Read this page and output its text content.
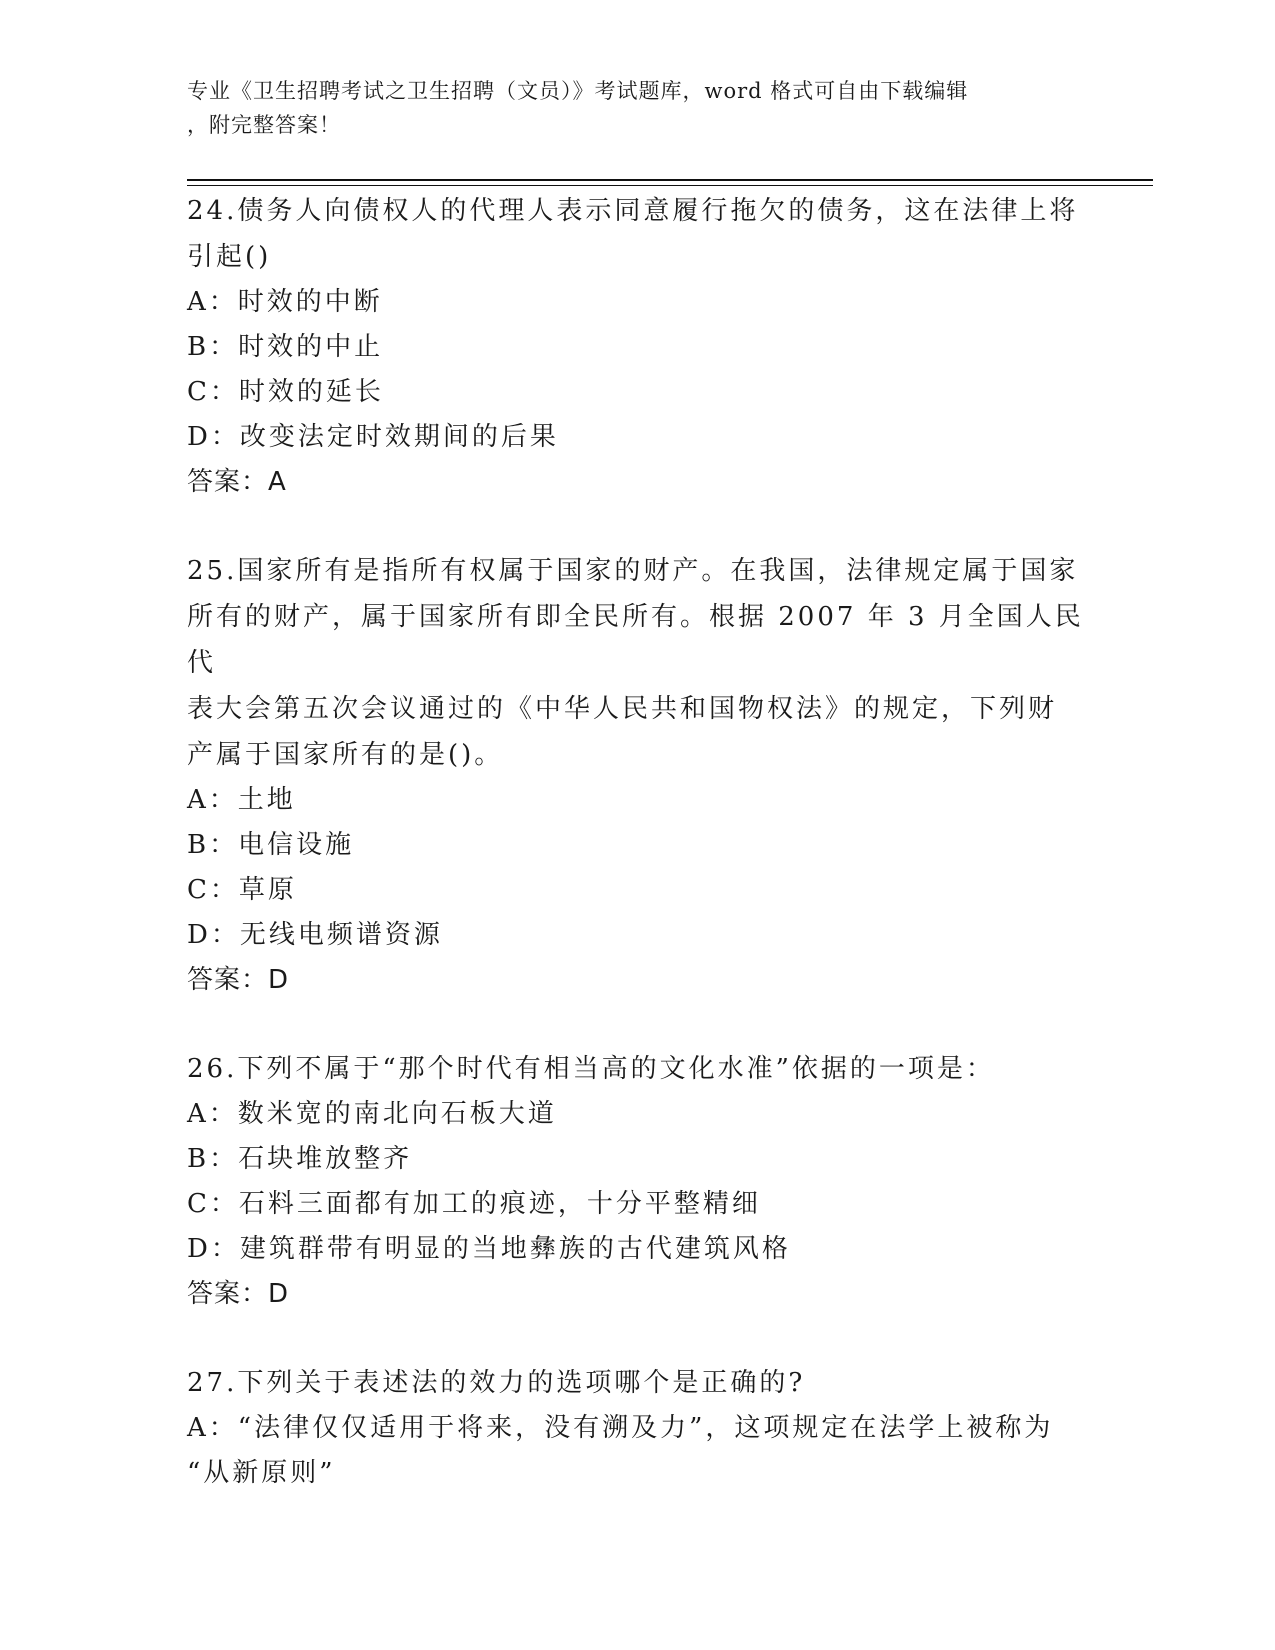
专业《卫生招聘考试之卫生招聘（文员）》考试题库，word 格式可自由下载编辑
，附完整答案！
24.债务人向债权人的代理人表示同意履行拖欠的债务，这在法律上将
引起()
A：时效的中断
B：时效的中止
C：时效的延长
D：改变法定时效期间的后果
答案：A
25.国家所有是指所有权属于国家的财产。在我国，法律规定属于国家
所有的财产，属于国家所有即全民所有。根据 2007 年 3 月全国人民代
表大会第五次会议通过的《中华人民共和国物权法》的规定，下列财
产属于国家所有的是()。
A：土地
B：电信设施
C：草原
D：无线电频谱资源
答案：D
26.下列不属于“那个时代有相当高的文化水准”依据的一项是：
A：数米宽的南北向石板大道
B：石块堆放整齐
C：石料三面都有加工的痕迹，十分平整精细
D：建筑群带有明显的当地彝族的古代建筑风格
答案：D
27.下列关于表述法的效力的选项哪个是正确的?
A：“法律仅仅适用于将来，没有溯及力”，这项规定在法学上被称为
“从新原则”
